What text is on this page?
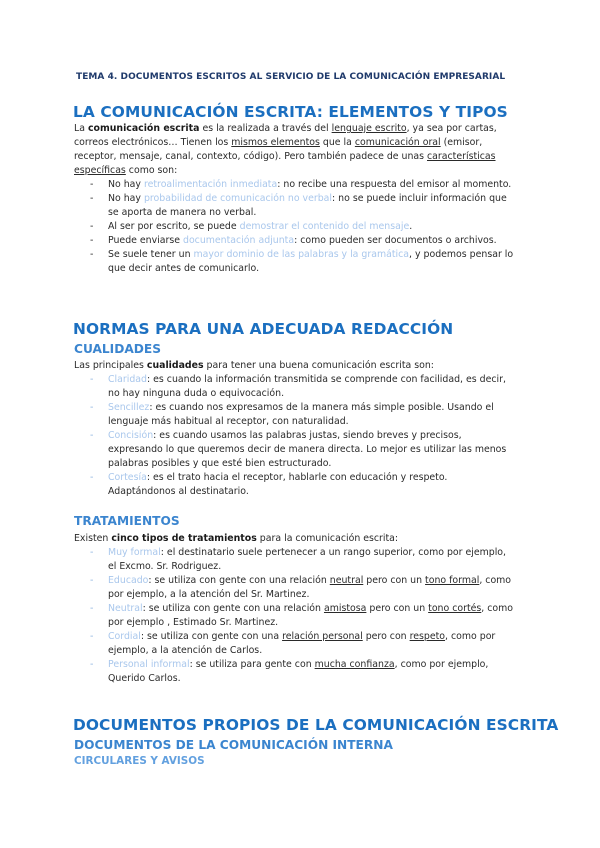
TEMA 4. DOCUMENTOS ESCRITOS AL SERVICIO DE LA COMUNICACIÓN EMPRESARIAL
LA COMUNICACIÓN ESCRITA: ELEMENTOS Y TIPOS

La comunicación escrita es la realizada a través del lenguaje escrito, ya sea por cartas, correos electrónicos… Tienen los mismos elementos que la comunicación oral (emisor, receptor, mensaje, canal, contexto, código). Pero también padece de unas características específicas como son:

- No hay retroalimentación inmediata: no recibe una respuesta del emisor al momento.
- No hay probabilidad de comunicación no verbal: no se puede incluir información que se aporta de manera no verbal.
- Al ser por escrito, se puede demostrar el contenido del mensaje.
- Puede enviarse documentación adjunta: como pueden ser documentos o archivos.
- Se suele tener un mayor dominio de las palabras y la gramática, y podemos pensar lo que decir antes de comunicarlo.
NORMAS PARA UNA ADECUADA REDACCIÓN
CUALIDADES

Las principales cualidades para tener una buena comunicación escrita son:

- Claridad: es cuando la información transmitida se comprende con facilidad, es decir, no hay ninguna duda o equivocación.
- Sencillez: es cuando nos expresamos de la manera más simple posible. Usando el lenguaje más habitual al receptor, con naturalidad.
- Concisión: es cuando usamos las palabras justas, siendo breves y precisos, expresando lo que queremos decir de manera directa. Lo mejor es utilizar las menos palabras posibles y que esté bien estructurado.
- Cortesía: es el trato hacia el receptor, hablarle con educación y respeto. Adaptándonos al destinatario.
TRATAMIENTOS

Existen cinco tipos de tratamientos para la comunicación escrita:

- Muy formal: el destinatario suele pertenecer a un rango superior, como por ejemplo, el Excmo. Sr. Rodriguez.
- Educado: se utiliza con gente con una relación neutral pero con un tono formal, como por ejemplo, a la atención del Sr. Martinez.
- Neutral: se utiliza con gente con una relación amistosa pero con un tono cortés, como por ejemplo , Estimado Sr. Martinez.
- Cordial: se utiliza con gente con una relación personal pero con respeto, como por ejemplo, a la atención de Carlos.
- Personal informal: se utiliza para gente con mucha confianza, como por ejemplo, Querido Carlos.
DOCUMENTOS PROPIOS DE LA COMUNICACIÓN ESCRITA
DOCUMENTOS DE LA COMUNICACIÓN INTERNA
CIRCULARES Y AVISOS
